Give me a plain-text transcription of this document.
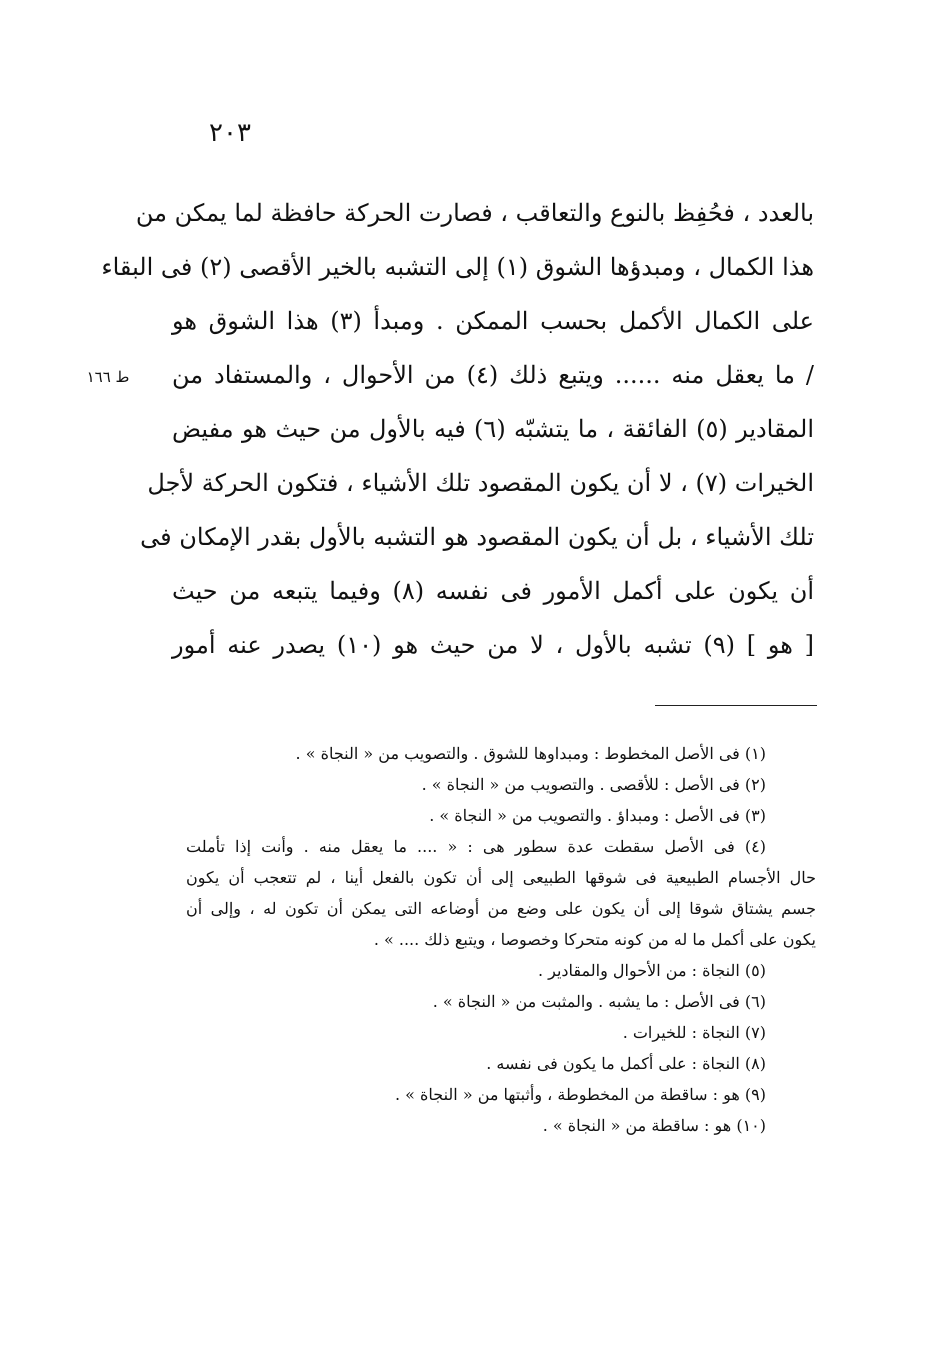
٢٠٣
ط ١٦٦
بالعدد ، فحُفِظ بالنوع والتعاقب ، فصارت الحركة حافظة لما يمكن من
هذا الكمال ، ومبدؤها الشوق (١) إلى التشبه بالخير الأقصى (٢) فى البقاء
على الكمال الأكمل بحسب الممكن . ومبدأ (٣) هذا الشوق هو
/ ما يعقل منه ...... ويتبع ذلك (٤) من الأحوال ، والمستفاد من
المقادير (٥) الفائقة ، ما يتشبّه (٦) فيه بالأول من حيث هو مفيض
الخيرات (٧) ، لا أن يكون المقصود تلك الأشياء ، فتكون الحركة لأجل
تلك الأشياء ، بل أن يكون المقصود هو التشبه بالأول بقدر الإمكان فى
أن يكون على أكمل الأمور فى نفسه (٨) وفيما يتبعه من حيث
[ هو ] (٩) تشبه بالأول ، لا من حيث هو (١٠) يصدر عنه أمور
(١) فى الأصل المخطوط : ومبداوها للشوق . والتصويب من « النجاة » .
(٢) فى الأصل : للأقصى . والتصويب من « النجاة » .
(٣) فى الأصل : ومبداؤ . والتصويب من « النجاة » .
(٤) فى الأصل سقطت عدة سطور هى : « .... ما يعقل منه . وأنت إذا تأملت
حال الأجسام الطبيعية فى شوقها الطبيعى إلى أن تكون بالفعل أينا ، لم تتعجب أن يكون
جسم يشتاق شوقا إلى أن يكون على وضع من أوضاعه التى يمكن أن تكون له ، وإلى أن
يكون على أكمل ما له من كونه متحركا وخصوصا ، ويتبع ذلك .... » .
(٥) النجاة : من الأحوال والمقادير .
(٦) فى الأصل : ما يشبه . والمثبت من « النجاة » .
(٧) النجاة : للخيرات .
(٨) النجاة : على أكمل ما يكون فى نفسه .
(٩) هو : ساقطة من المخطوطة ، وأثبتها من « النجاة » .
(١٠) هو : ساقطة من « النجاة » .
